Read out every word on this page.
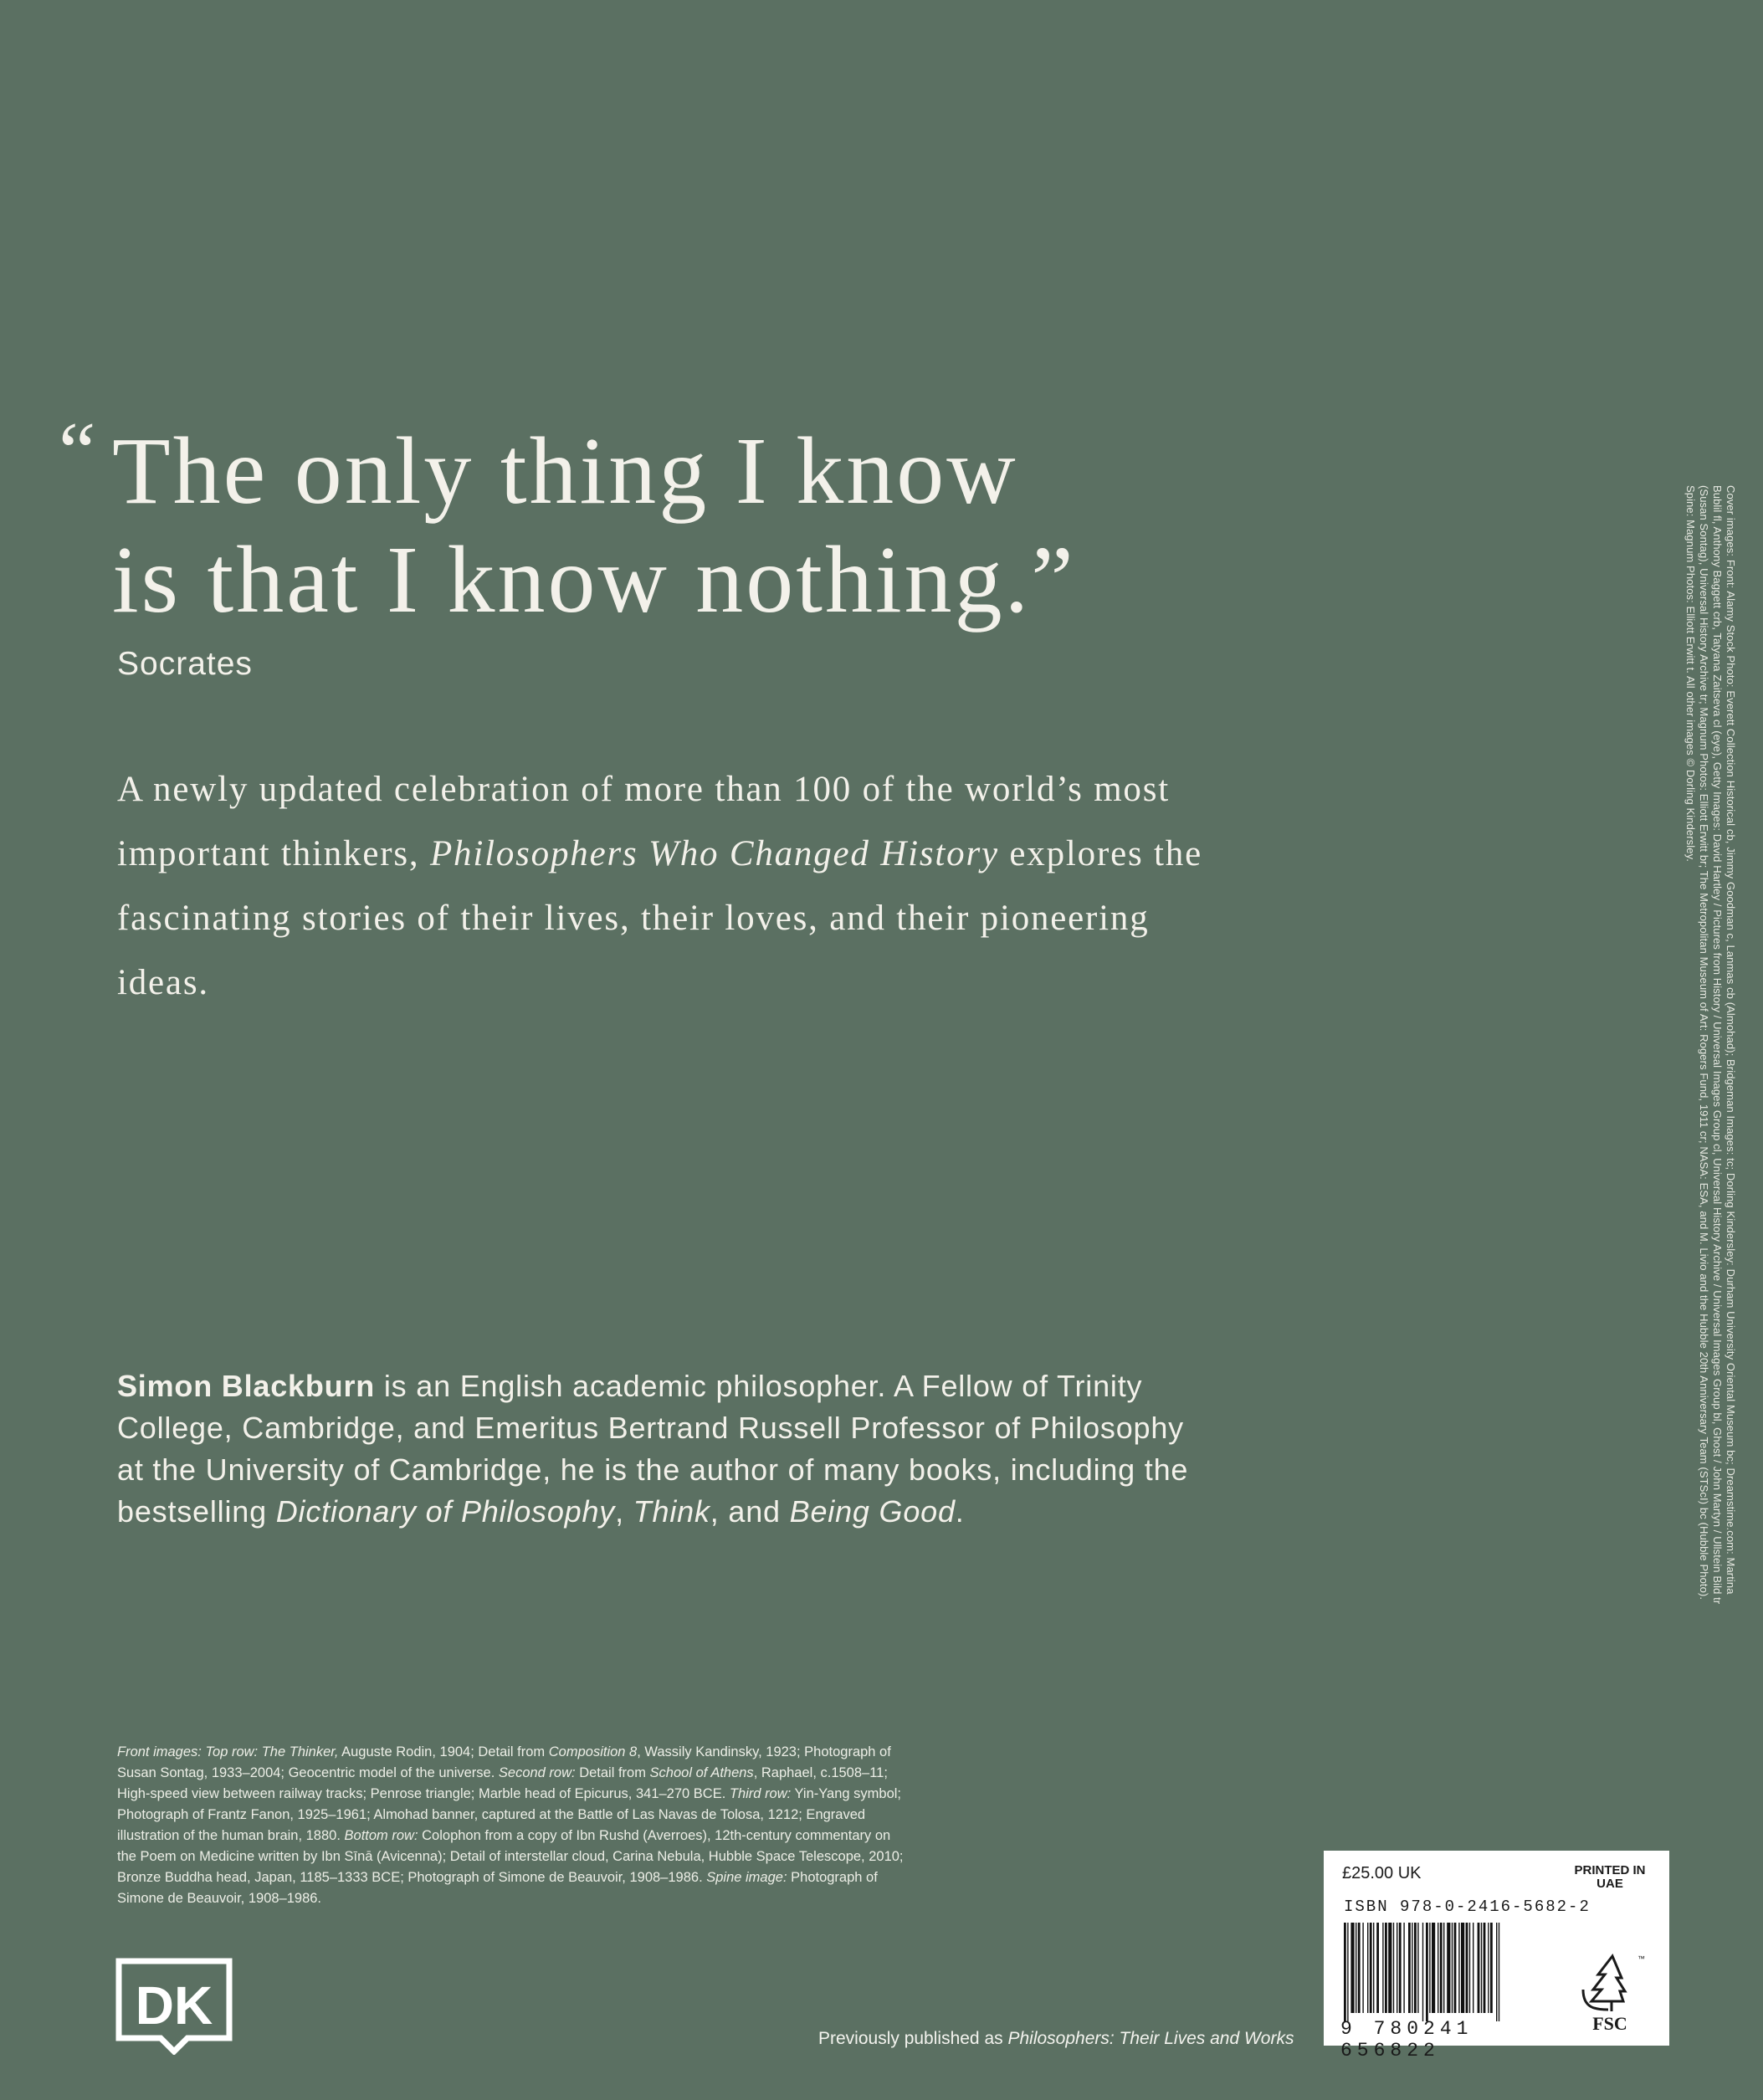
“ The only thing I know
is that I know nothing.”
Socrates
A newly updated celebration of more than 100 of the world’s most important thinkers, Philosophers Who Changed History explores the fascinating stories of their lives, their loves, and their pioneering ideas.
Simon Blackburn is an English academic philosopher. A Fellow of Trinity College, Cambridge, and Emeritus Bertrand Russell Professor of Philosophy at the University of Cambridge, he is the author of many books, including the bestselling Dictionary of Philosophy, Think, and Being Good.	Cover images: Front: Alamy Stock Photo: Everett Collection Historical cb, Jimmy Goodman c, Lanmas cb (Almohad); Bridgeman Images: tc; Dorling Kindersley: Durham University Oriental Museum bc; Dreamstime.com: Martina Bublil fl, Anthony Baggett crb, Tatyana Zaitseva cl (eye), Getty Images: David Hartley / Pictures from History / Universal Images Group cl, Universal History Archive / Universal Images Group bl, Ghost / John Martyn / Ullstein Bild tr (Susan Sontag), Universal History Archive tr; Magnum Photos: Elliott Erwitt br; The Metropolitan Museum of Art: Rogers Fund, 1911 cr; NASA: ESA, and M. Livio and the Hubble 20th Anniversary Team (STScI) bc (Hubble Photo). Spine: Magnum Photos: Elliott Erwitt t. All other images © Dorling Kindersley.
Front images: Top row: The Thinker, Auguste Rodin, 1904; Detail from Composition 8, Wassily Kandinsky, 1923; Photograph of Susan Sontag, 1933–2004; Geocentric model of the universe. Second row: Detail from School of Athens, Raphael, c.1508–11; High-speed view between railway tracks; Penrose triangle; Marble head of Epicurus, 341–270 BCE. Third row: Yin-Yang symbol; Photograph of Frantz Fanon, 1925–1961; Almohad banner, captured at the Battle of Las Navas de Tolosa, 1212; Engraved illustration of the human brain, 1880. Bottom row: Colophon from a copy of Ibn Rushd (Averroes), 12th-century commentary on the Poem on Medicine written by Ibn Sīnā (Avicenna); Detail of interstellar cloud, Carina Nebula, Hubble Space Telescope, 2010; Bronze Buddha head, Japan, 1185–1333 BCE; Photograph of Simone de Beauvoir, 1908–1986. Spine image: Photograph of Simone de Beauvoir, 1908–1986.
DK
Previously published as Philosophers: Their Lives and Works
£25.00 UK	PRINTED IN UAE
ISBN 978-0-2416-5682-2
9 780241 656822
™
FSC
